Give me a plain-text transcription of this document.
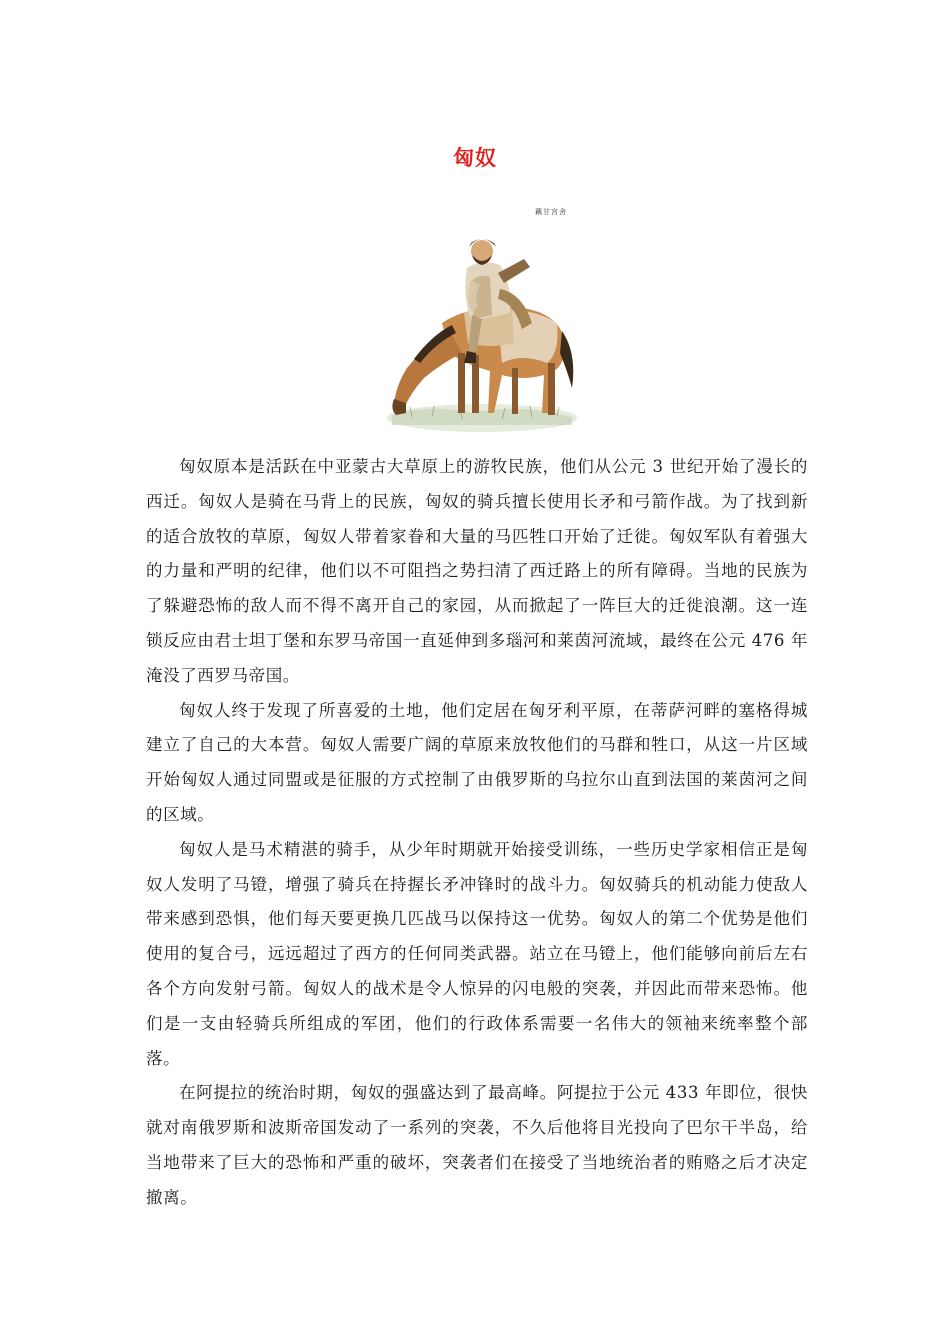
匈奴
藕甘宫舍

匈奴原本是活跃在中亚蒙古大草原上的游牧民族，他们从公元 3 世纪开始了漫长的西迁。匈奴人是骑在马背上的民族，匈奴的骑兵擅长使用长矛和弓箭作战。为了找到新的适合放牧的草原，匈奴人带着家眷和大量的马匹牲口开始了迁徙。匈奴军队有着强大的力量和严明的纪律，他们以不可阻挡之势扫清了西迁路上的所有障碍。当地的民族为了躲避恐怖的敌人而不得不离开自己的家园，从而掀起了一阵巨大的迁徙浪潮。这一连锁反应由君士坦丁堡和东罗马帝国一直延伸到多瑙河和莱茵河流域，最终在公元 476 年淹没了西罗马帝国。

匈奴人终于发现了所喜爱的土地，他们定居在匈牙利平原，在蒂萨河畔的塞格得城建立了自己的大本营。匈奴人需要广阔的草原来放牧他们的马群和牲口，从这一片区域开始匈奴人通过同盟或是征服的方式控制了由俄罗斯的乌拉尔山直到法国的莱茵河之间的区域。

匈奴人是马术精湛的骑手，从少年时期就开始接受训练，一些历史学家相信正是匈奴人发明了马镫，增强了骑兵在持握长矛冲锋时的战斗力。匈奴骑兵的机动能力使敌人带来感到恐惧，他们每天要更换几匹战马以保持这一优势。匈奴人的第二个优势是他们使用的复合弓，远远超过了西方的任何同类武器。站立在马镫上，他们能够向前后左右各个方向发射弓箭。匈奴人的战术是令人惊异的闪电般的突袭，并因此而带来恐怖。他们是一支由轻骑兵所组成的军团，他们的行政体系需要一名伟大的领袖来统率整个部落。

在阿提拉的统治时期，匈奴的强盛达到了最高峰。阿提拉于公元 433 年即位，很快就对南俄罗斯和波斯帝国发动了一系列的突袭，不久后他将目光投向了巴尔干半岛，给当地带来了巨大的恐怖和严重的破坏，突袭者们在接受了当地统治者的贿赂之后才决定撤离。
